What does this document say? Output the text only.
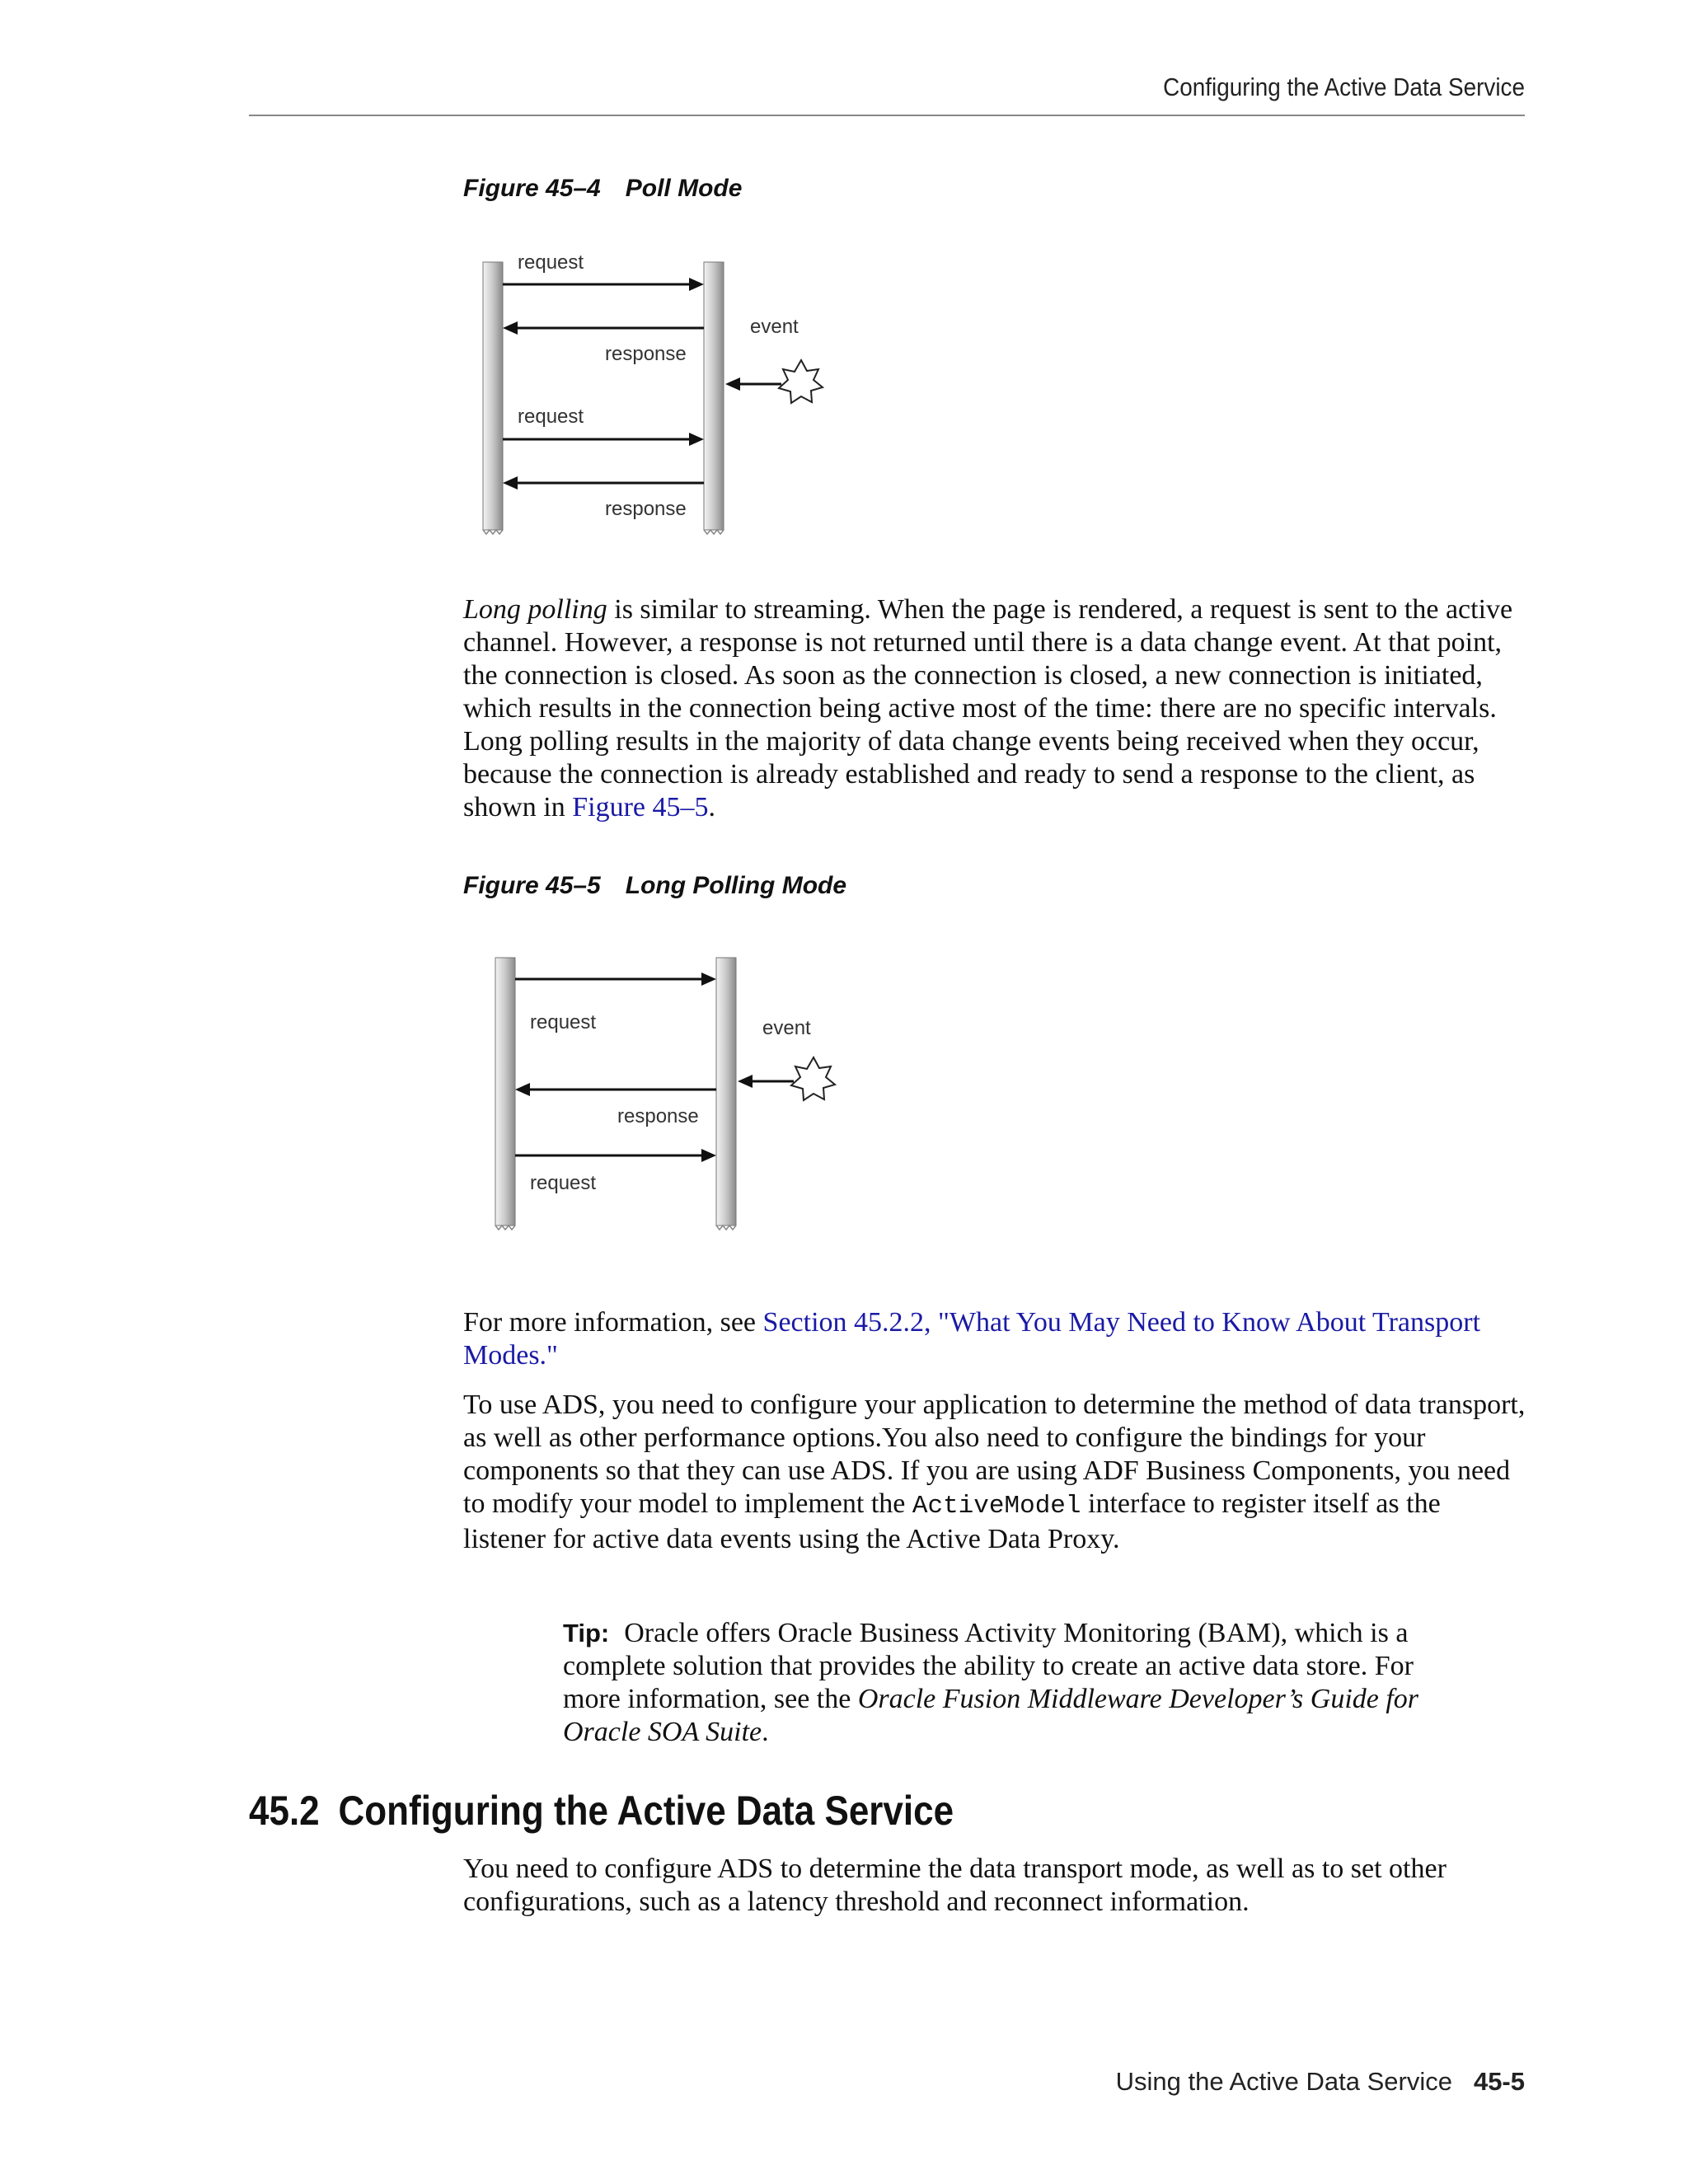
Configuring the Active Data Service
Figure 45–4 Poll Mode
request
response
event
request
response

Long polling is similar to streaming. When the page is rendered, a request is sent to the active channel. However, a response is not returned until there is a data change event. At that point, the connection is closed. As soon as the connection is closed, a new connection is initiated, which results in the connection being active most of the time: there are no specific intervals. Long polling results in the majority of data change events being received when they occur, because the connection is already established and ready to send a response to the client, as shown in Figure 45–5.

Figure 45–5 Long Polling Mode
request	event
response
request

For more information, see Section 45.2.2, "What You May Need to Know About Transport Modes."

To use ADS, you need to configure your application to determine the method of data transport, as well as other performance options.You also need to configure the bindings for your components so that they can use ADS. If you are using ADF Business Components, you need to modify your model to implement the ActiveModel interface to register itself as the listener for active data events using the Active Data Proxy.

Tip: Oracle offers Oracle Business Activity Monitoring (BAM), which is a complete solution that provides the ability to create an active data store. For more information, see the Oracle Fusion Middleware Developer’s Guide for Oracle SOA Suite.
45.2 Configuring the Active Data Service

You need to configure ADS to determine the data transport mode, as well as to set other configurations, such as a latency threshold and reconnect information.

Using the Active Data Service 45-5
